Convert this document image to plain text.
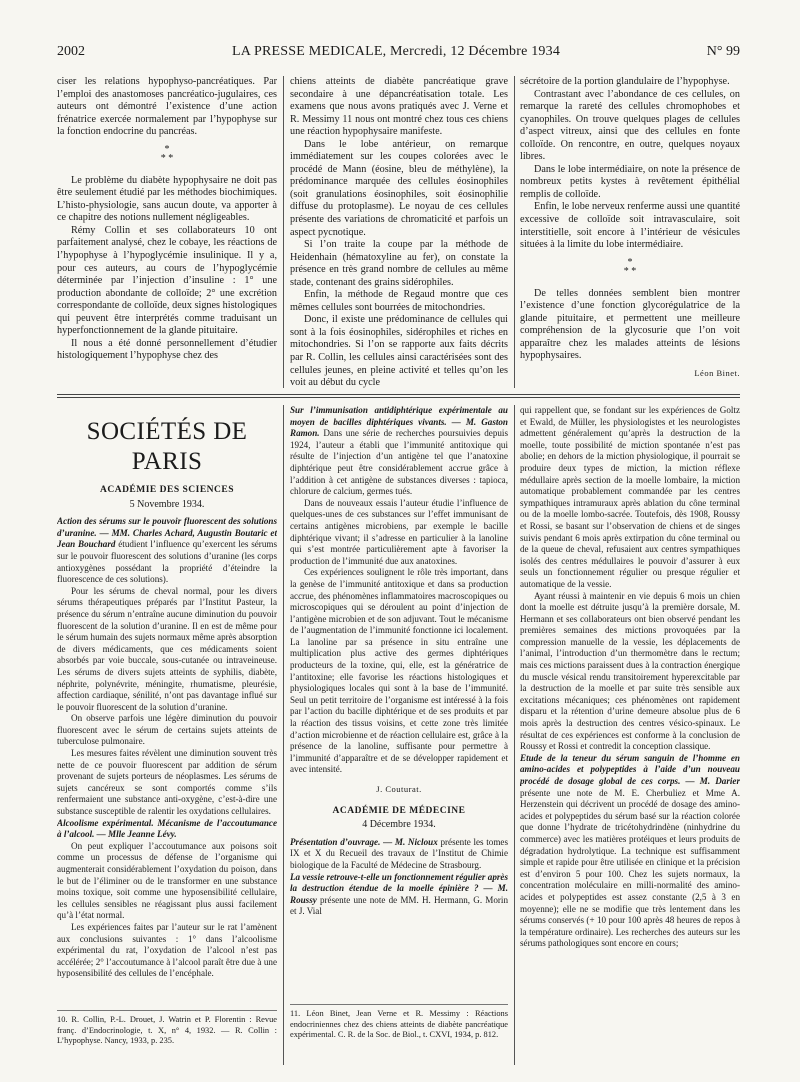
2002	LA PRESSE MEDICALE, Mercredi, 12 Décembre 1934	N° 99

ciser les relations hypophyso-pancréatiques. Par l’emploi des anastomoses pancréatico-jugulaires, ces auteurs ont démontré l’existence d’une action frénatrice exercée normalement par l’hypophyse sur la fonction endocrine du pancréas.

*
* *

Le problème du diabète hypophysaire ne doit pas être seulement étudié par les méthodes biochimiques. L’histo-physiologie, sans aucun doute, va apporter à ce chapitre des notions nullement négligeables.

Rémy Collin et ses collaborateurs 10 ont parfaitement analysé, chez le cobaye, les réactions de l’hypophyse à l’hypoglycémie insulinique. Il y a, pour ces auteurs, au cours de l’hypoglycémie déterminée par l’injection d’insuline : 1° une production abondante de colloïde; 2° une excrétion correspondante de colloïde, deux signes histologiques qui peuvent être interprétés comme traduisant un hyperfonctionnement de la glande pituitaire.

Il nous a été donné personnellement d’étudier histologiquement l’hypophyse chez des

chiens atteints de diabète pancréatique grave secondaire à une dépancréatisation totale. Les examens que nous avons pratiqués avec J. Verne et R. Messimy 11 nous ont montré chez tous ces chiens une réaction hypophysaire manifeste.

Dans le lobe antérieur, on remarque immédiatement sur les coupes colorées avec le procédé de Mann (éosine, bleu de méthylène), la prédominance marquée des cellules éosinophiles (soit granulations éosinophiles, soit éosinophilie diffuse du protoplasme). Le noyau de ces cellules présente des variations de chromaticité et parfois un aspect pycnotique.

Si l’on traite la coupe par la méthode de Heidenhain (hématoxyline au fer), on constate la présence en très grand nombre de cellules au même stade, contenant des grains sidérophiles.

Enfin, la méthode de Regaud montre que ces mêmes cellules sont bourrées de mitochondries.

Donc, il existe une prédominance de cellules qui sont à la fois éosinophiles, sidérophiles et riches en mitochondries. Si l’on se rapporte aux faits décrits par R. Collin, les cellules ainsi caractérisées sont des cellules jeunes, en pleine activité et telles qu’on les voit au début du cycle

sécrétoire de la portion glandulaire de l’hypophyse.

Contrastant avec l’abondance de ces cellules, on remarque la rareté des cellules chromophobes et cyanophiles. On trouve quelques plages de cellules d’aspect vitreux, ainsi que des cellules en fonte colloïde. On rencontre, en outre, quelques noyaux libres.

Dans le lobe intermédiaire, on note la présence de nombreux petits kystes à revêtement épithélial remplis de colloïde.

Enfin, le lobe nerveux renferme aussi une quantité excessive de colloïde soit intravasculaire, soit interstitielle, soit encore à l’intérieur de vésicules situées à la limite du lobe intermédiaire.

*
* *

De telles données semblent bien montrer l’existence d’une fonction glycorégulatrice de la glande pituitaire, et permettent une meilleure compréhension de la glycosurie que l’on voit apparaître chez les malades atteints de lésions hypophysaires.

Léon Binet.
SOCIÉTÉS DE PARIS
ACADÉMIE DES SCIENCES
5 Novembre 1934.

Action des sérums sur le pouvoir fluorescent des solutions d’uranine. — MM. Charles Achard, Augustin Boutaric et Jean Bouchard étudient l’influence qu’exercent les sérums sur le pouvoir fluorescent des solutions d’uranine (les corps antioxygènes possédant la propriété d’éteindre la fluorescence de ces solutions).

Pour les sérums de cheval normal, pour les divers sérums thérapeutiques préparés par l’Institut Pasteur, la présence du sérum n’entraîne aucune diminution du pouvoir fluorescent de la solution d’uranine. Il en est de même pour le sérum humain des sujets normaux même après absorption de divers médicaments, que ces médicaments soient absorbés par voie buccale, sous-cutanée ou intraveineuse. Les sérums de divers sujets atteints de syphilis, diabète, néphrite, polynévrite, méningite, rhumatisme, pleurésie, affection cardiaque, sénilité, n’ont pas davantage influé sur le pouvoir fluorescent de la solution d’uranine.

On observe parfois une légère diminution du pouvoir fluorescent avec le sérum de certains sujets atteints de tuberculose pulmonaire.

Les mesures faites révèlent une diminution souvent très nette de ce pouvoir fluorescent par addition de sérum provenant de sujets porteurs de néoplasmes. Les sérums de sujets cancéreux se sont comportés comme s’ils renfermaient une substance anti-oxygène, c’est-à-dire une substance susceptible de ralentir les oxydations cellulaires.

Alcoolisme expérimental. Mécanisme de l’accoutumance à l’alcool. — Mlle Jeanne Lévy.

On peut expliquer l’accoutumance aux poisons soit comme un processus de défense de l’organisme qui augmenterait considérablement l’oxydation du poison, dans le but de l’éliminer ou de le transformer en une substance moins toxique, soit comme une hyposensibilité cellulaire, les cellules sensibles ne réagissant plus aussi facilement qu’à l’état normal.

Les expériences faites par l’auteur sur le rat l’amènent aux conclusions suivantes : 1° dans l’alcoolisme expérimental du rat, l’oxydation de l’alcool n’est pas accélérée; 2° l’accoutumance à l’alcool paraît être due à une hyposensibilité des cellules de l’encéphale.

10. R. Collin, P.-L. Drouet, J. Watrin et P. Florentin : Revue franç. d’Endocrinologie, t. X, n° 4, 1932. — R. Collin : L’hypophyse. Nancy, 1933, p. 235.

Sur l’immunisation antidiphtérique expérimentale au moyen de bacilles diphtériques vivants. — M. Gaston Ramon. Dans une série de recherches poursuivies depuis 1924, l’auteur a établi que l’immunité antitoxique qui résulte de l’injection d’un antigène tel que l’anatoxine diphtérique peut être considérablement accrue grâce à l’addition à cet antigène de substances diverses : tapioca, chlorure de calcium, germes tués.

Dans de nouveaux essais l’auteur étudie l’influence de quelques-unes de ces substances sur l’effet immunisant de certains antigènes microbiens, par exemple le bacille diphtérique vivant; il s’adresse en particulier à la lanoline qui s’est montrée particulièrement apte à favoriser la production de l’immunité due aux anatoxines.

Ces expériences soulignent le rôle très important, dans la genèse de l’immunité antitoxique et dans sa production accrue, des phénomènes inflammatoires macroscopiques ou microscopiques qui se déroulent au point d’injection de l’antigène microbien et de son adjuvant. Tout le mécanisme de l’augmentation de l’immunité fonctionne ici localement. La lanoline par sa présence in situ entraîne une multiplication plus active des germes diphtériques producteurs de la toxine, qui, elle, est la génératrice de l’antitoxine; elle favorise les réactions histologiques et physiologiques locales qui sont à la base de l’immunité. Seul un petit territoire de l’organisme est intéressé à la fois par l’action du bacille diphtérique et de ses produits et par la réaction des tissus voisins, et cette zone très limitée d’action microbienne et de réaction cellulaire est, grâce à la présence de la lanoline, suffisante pour permettre à l’immunité d’apparaître et de se développer rapidement et avec intensité.

J. Couturat.
ACADÉMIE DE MÉDECINE
4 Décembre 1934.

Présentation d’ouvrage. — M. Nicloux présente les tomes IX et X du Recueil des travaux de l’Institut de Chimie biologique de la Faculté de Médecine de Strasbourg.

La vessie retrouve-t-elle un fonctionnement régulier après la destruction étendue de la moelle épinière ? — M. Roussy présente une note de MM. H. Hermann, G. Morin et J. Vial

11. Léon Binet, Jean Verne et R. Messimy : Réactions endocriniennes chez des chiens atteints de diabète pancréatique expérimental. C. R. de la Soc. de Biol., t. CXVI, 1934, p. 812.

qui rappellent que, se fondant sur les expériences de Goltz et Ewald, de Müller, les physiologistes et les neurologistes admettent généralement qu’après la destruction de la moelle, toute possibilité de miction spontanée n’est pas abolie; en dehors de la miction physiologique, il pourrait se produire deux types de miction, la miction réflexe médullaire après section de la moelle lombaire, la miction automatique probablement commandée par les centres sympathiques intramuraux après ablation du cône terminal ou de la moelle lombo-sacrée. Toutefois, dès 1908, Roussy et Rossi, se basant sur l’observation de chiens et de singes suivis pendant 6 mois après extirpation du cône terminal ou de la queue de cheval, refusaient aux centres sympathiques isolés des centres médullaires le pouvoir d’assurer à eux seuls un fonctionnement régulier ou presque régulier et automatique de la vessie.

Ayant réussi à maintenir en vie depuis 6 mois un chien dont la moelle est détruite jusqu’à la première dorsale, M. Hermann et ses collaborateurs ont bien observé pendant les premières semaines des mictions provoquées par la compression manuelle de la vessie, les déplacements de l’animal, l’introduction d’un thermomètre dans le rectum; mais ces mictions paraissent dues à la contraction énergique du muscle vésical rendu transitoirement hyperexcitable par la destruction de la moelle et par suite très sensible aux excitations mécaniques; ces phénomènes ont rapidement disparu et la rétention d’urine demeure absolue plus de 6 mois après la destruction des centres vésico-spinaux. Le résultat de ces expériences est conforme à la conclusion de Roussy et Rossi et contredit la conception classique.

Etude de la teneur du sérum sanguin de l’homme en amino-acides et polypeptides à l’aide d’un nouveau procédé de dosage global de ces corps. — M. Darier présente une note de M. E. Cherbuliez et Mme A. Herzenstein qui décrivent un procédé de dosage des amino-acides et polypeptides du sérum basé sur la réaction colorée que donne l’hydrate de tricétohydrindène (ninhydrine du commerce) avec les matières protéiques et leurs produits de dégradation hydrolytique. La technique est suffisamment simple et rapide pour être utilisée en clinique et la précision est d’environ 5 pour 100. Chez les sujets normaux, la concentration moléculaire en milli-normalité des amino-acides et polypeptides est assez constante (2,5 à 3 en moyenne); elle ne se modifie que très lentement dans les sérums conservés (+ 10 pour 100 après 48 heures de repos à la température ordinaire). Les recherches des auteurs sur les sérums pathologiques sont encore en cours;
